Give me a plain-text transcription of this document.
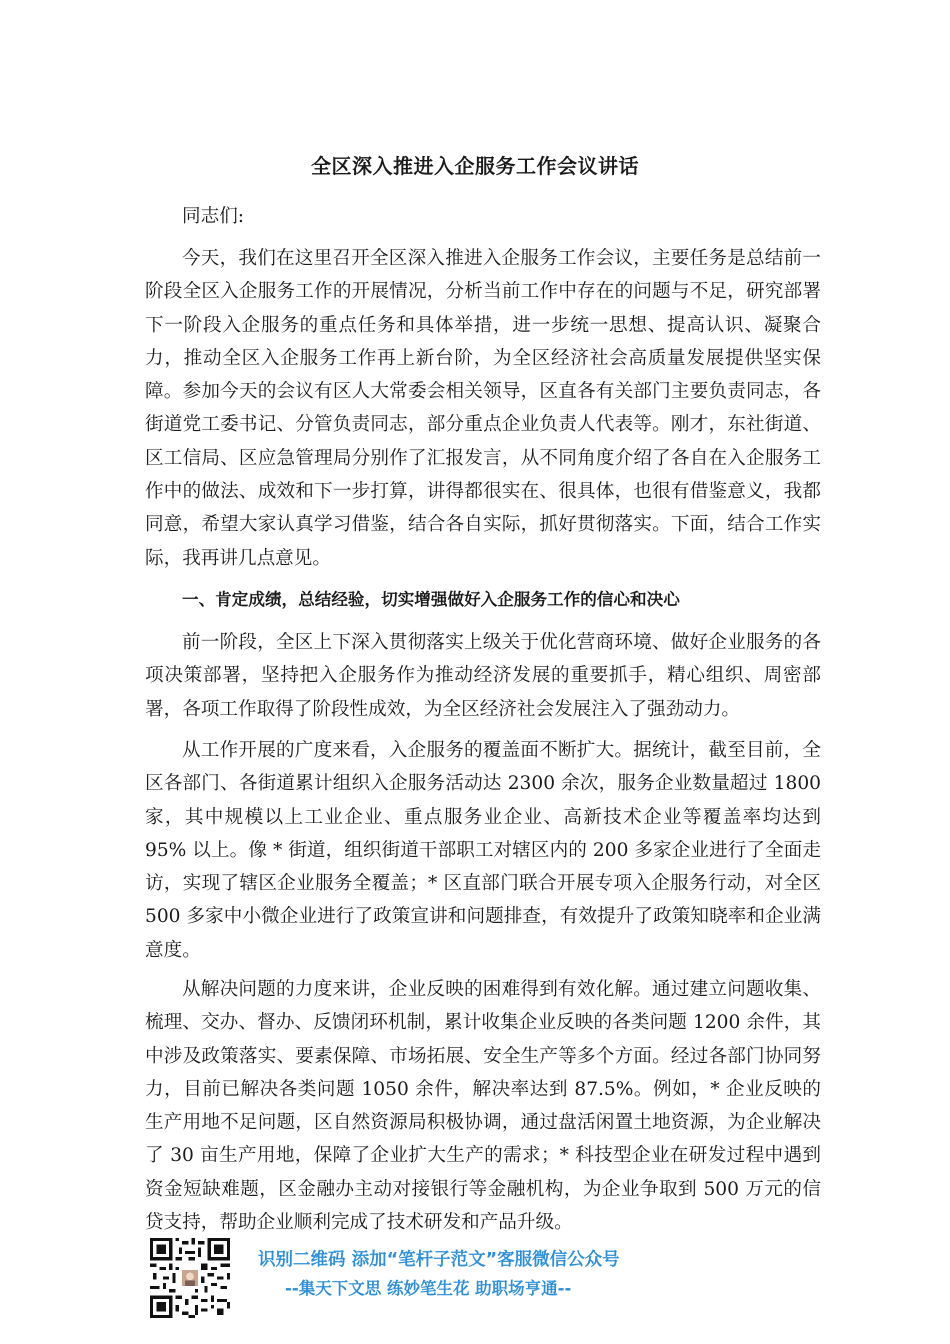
全区深入推进入企服务工作会议讲话

同志们:

今天，我们在这里召开全区深入推进入企服务工作会议，主要任务是总结前一阶段全区入企服务工作的开展情况，分析当前工作中存在的问题与不足，研究部署下一阶段入企服务的重点任务和具体举措，进一步统一思想、提高认识、凝聚合力，推动全区入企服务工作再上新台阶，为全区经济社会高质量发展提供坚实保障。参加今天的会议有区人大常委会相关领导，区直各有关部门主要负责同志，各街道党工委书记、分管负责同志，部分重点企业负责人代表等。刚才，东社街道、区工信局、区应急管理局分别作了汇报发言，从不同角度介绍了各自在入企服务工作中的做法、成效和下一步打算，讲得都很实在、很具体，也很有借鉴意义，我都同意，希望大家认真学习借鉴，结合各自实际，抓好贯彻落实。下面，结合工作实际，我再讲几点意见。

一、肯定成绩，总结经验，切实增强做好入企服务工作的信心和决心

前一阶段，全区上下深入贯彻落实上级关于优化营商环境、做好企业服务的各项决策部署，坚持把入企服务作为推动经济发展的重要抓手，精心组织、周密部署，各项工作取得了阶段性成效，为全区经济社会发展注入了强劲动力。

从工作开展的广度来看，入企服务的覆盖面不断扩大。据统计，截至目前，全区各部门、各街道累计组织入企服务活动达 2300 余次，服务企业数量超过 1800 家，其中规模以上工业企业、重点服务业企业、高新技术企业等覆盖率均达到 95% 以上。像 * 街道，组织街道干部职工对辖区内的 200 多家企业进行了全面走访，实现了辖区企业服务全覆盖；* 区直部门联合开展专项入企服务行动，对全区 500 多家中小微企业进行了政策宣讲和问题排查，有效提升了政策知晓率和企业满意度。

从解决问题的力度来讲，企业反映的困难得到有效化解。通过建立问题收集、梳理、交办、督办、反馈闭环机制，累计收集企业反映的各类问题 1200 余件，其中涉及政策落实、要素保障、市场拓展、安全生产等多个方面。经过各部门协同努力，目前已解决各类问题 1050 余件，解决率达到 87.5%。例如，* 企业反映的生产用地不足问题，区自然资源局积极协调，通过盘活闲置土地资源，为企业解决了 30 亩生产用地，保障了企业扩大生产的需求；* 科技型企业在研发过程中遇到资金短缺难题，区金融办主动对接银行等金融机构，为企业争取到 500 万元的信贷支持，帮助企业顺利完成了技术研发和产品升级。

识别二维码 添加“笔杆子范文”客服微信公众号
--集天下文思 练妙笔生花 助职场亨通--
